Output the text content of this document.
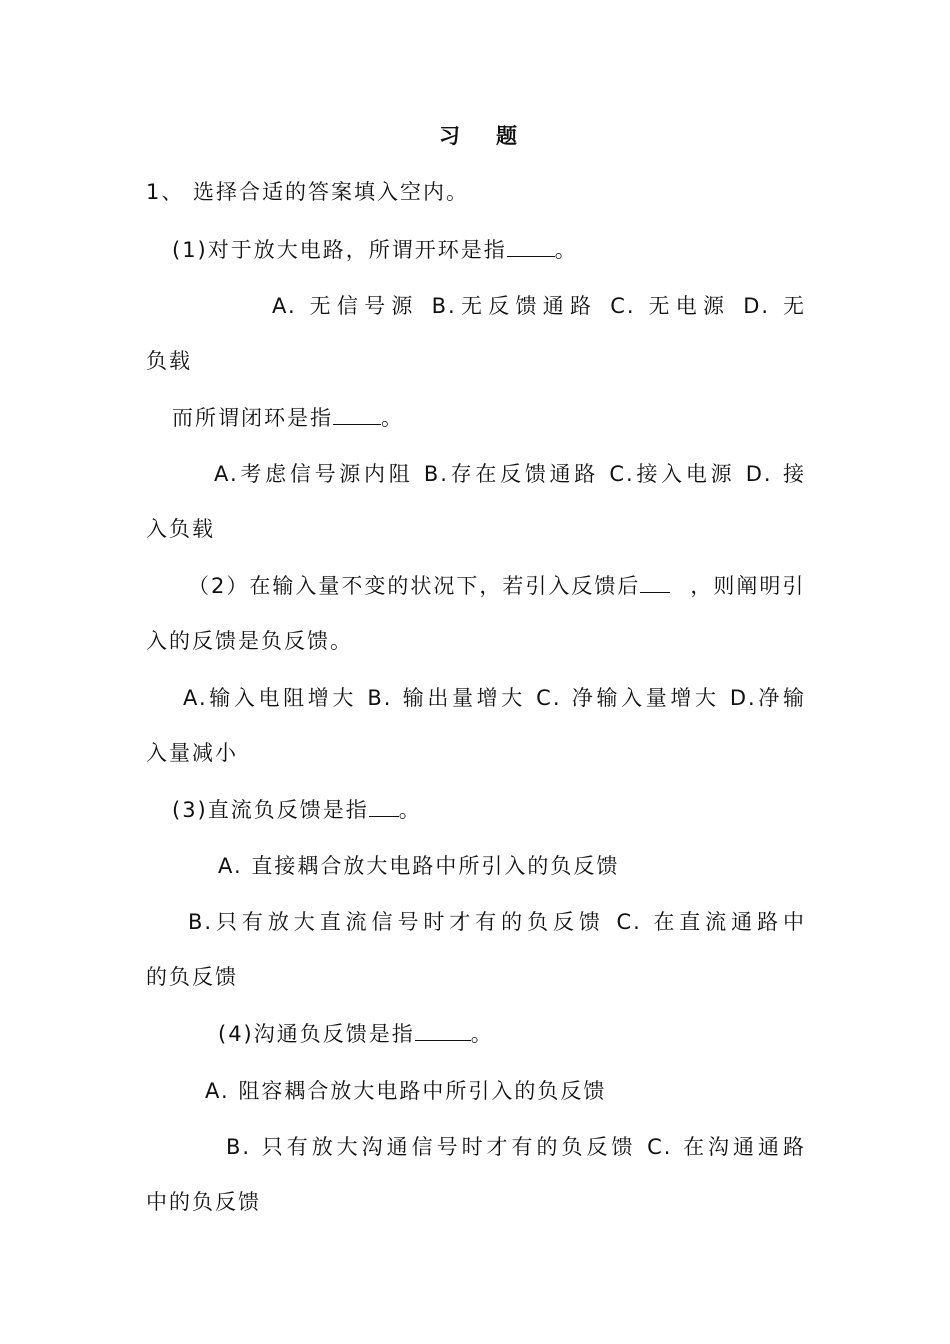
习 题
1、 选择合适的答案填入空内。
(1)对于放大电路，所谓开环是指 。
A. 无信号源 B.无反馈通路 C. 无电源 D. 无
负载
而所谓闭环是指 。
A.考虑信号源内阻 B.存在反馈通路 C.接入电源 D. 接
入负载
（2）在输入量不变的状况下，若引入反馈后 ，则阐明引
入的反馈是负反馈。
A.输入电阻增大 B. 输出量增大 C. 净输入量增大 D.净输
入量减小
(3)直流负反馈是指 。
A. 直接耦合放大电路中所引入的负反馈
B.只有放大直流信号时才有的负反馈 C. 在直流通路中
的负反馈
(4)沟通负反馈是指	。
A. 阻容耦合放大电路中所引入的负反馈
B. 只有放大沟通信号时才有的负反馈 C. 在沟通通路
中的负反馈
